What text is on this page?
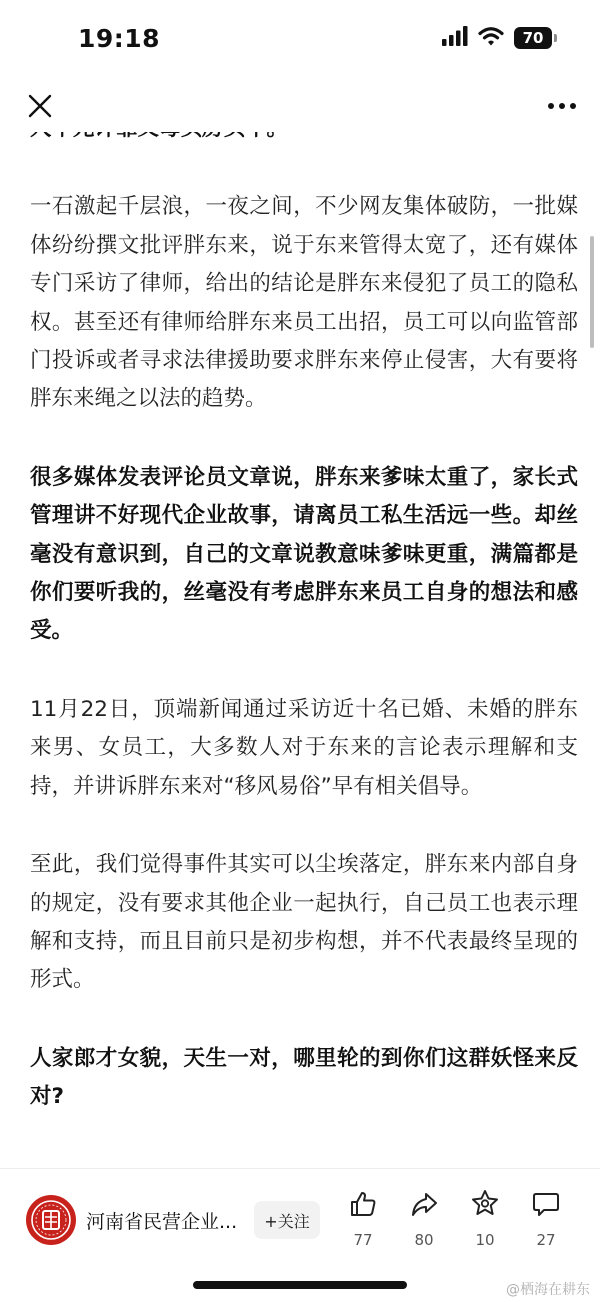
19:18	70

一石激起千层浪，一夜之间，不少网友集体破防，一批媒体纷纷撰文批评胖东来，说于东来管得太宽了，还有媒体专门采访了律师，给出的结论是胖东来侵犯了员工的隐私权。甚至还有律师给胖东来员工出招，员工可以向监管部门投诉或者寻求法律援助要求胖东来停止侵害，大有要将胖东来绳之以法的趋势。

很多媒体发表评论员文章说，胖东来爹味太重了，家长式管理讲不好现代企业故事，请离员工私生活远一些。却丝毫没有意识到，自己的文章说教意味爹味更重，满篇都是你们要听我的，丝毫没有考虑胖东来员工自身的想法和感受。

11月22日，顶端新闻通过采访近十名已婚、未婚的胖东来男、女员工，大多数人对于东来的言论表示理解和支持，并讲诉胖东来对“移风易俗”早有相关倡导。

至此，我们觉得事件其实可以尘埃落定，胖东来内部自身的规定，没有要求其他企业一起执行，自己员工也表示理解和支持，而且目前只是初步构想，并不代表最终呈现的形式。

人家郎才女貌，天生一对，哪里轮的到你们这群妖怪来反对?

河南省民营企业...	+关注
77	80	10	27
@栖海在耕东
